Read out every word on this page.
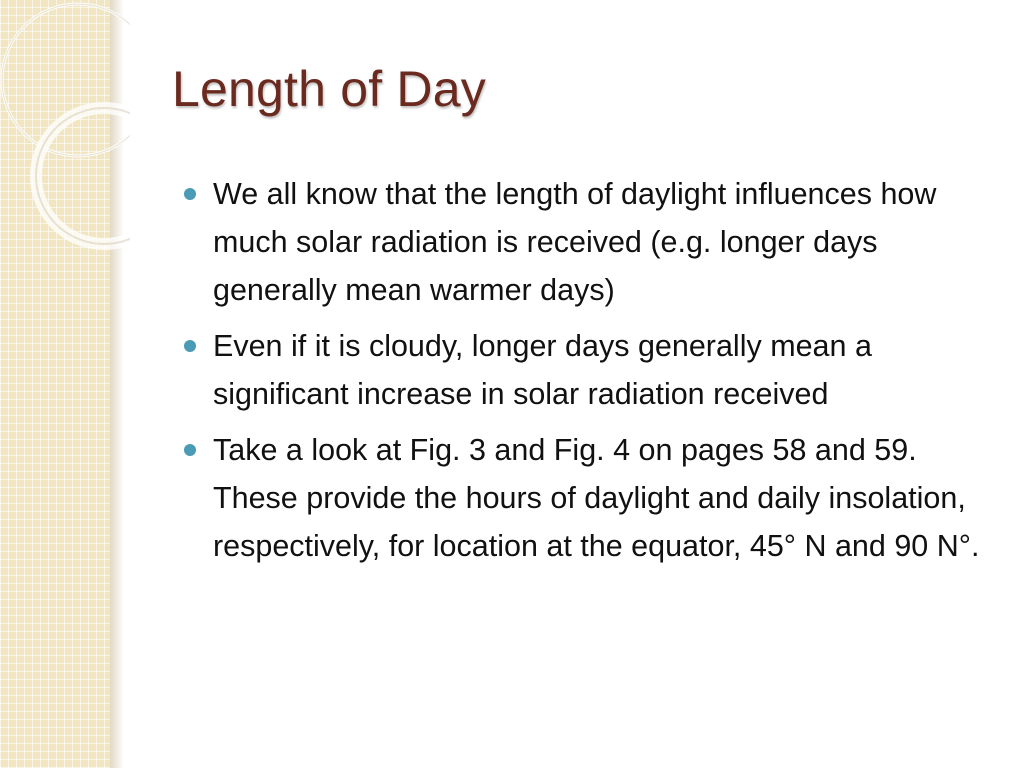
Length of Day
We all know that the length of daylight influences how much solar radiation is received (e.g. longer days generally mean warmer days)
Even if it is cloudy, longer days generally mean a significant increase in solar radiation received
Take a look at Fig. 3 and Fig. 4 on pages 58 and 59. These provide the hours of daylight and daily insolation, respectively, for location at the equator, 45° N and 90 N°.
